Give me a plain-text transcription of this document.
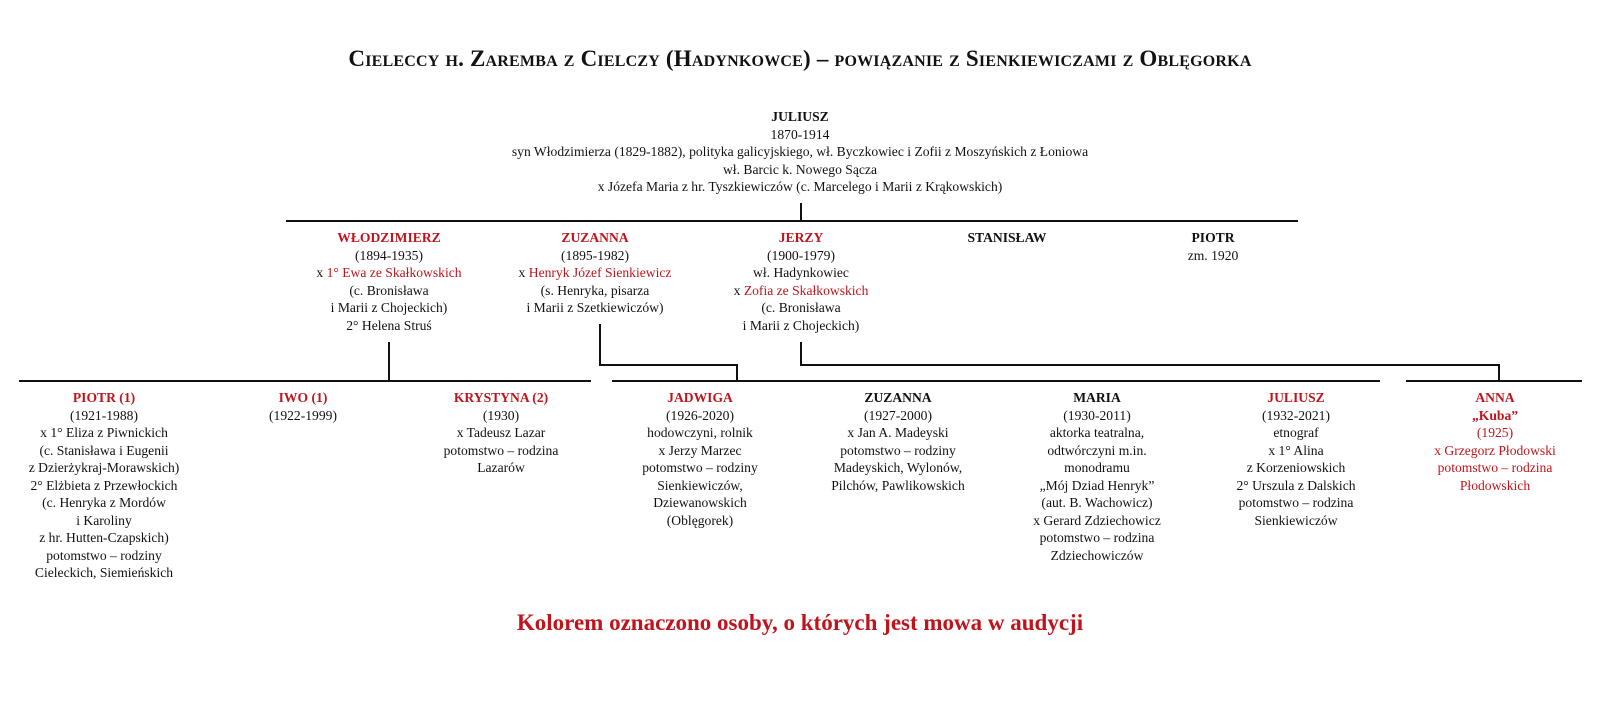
Cieleccy h. Zaremba z Cielczy (Hadynkowce) – powiązanie z Sienkiewiczami z Oblęgorka
JULIUSZ
1870-1914
syn Włodzimierza (1829-1882), polityka galicyjskiego, wł. Byczkowiec i Zofii z Moszyńskich z Łoniowa
wł. Barcic k. Nowego Sącza
x Józefa Maria z hr. Tyszkiewiczów (c. Marcelego i Marii z Krąkowskich)
WŁODZIMIERZ
(1894-1935)
x 1° Ewa ze Skałkowskich
(c. Bronisława
i Marii z Chojeckich)
2° Helena Struś
ZUZANNA
(1895-1982)
x Henryk Józef Sienkiewicz
(s. Henryka, pisarza
i Marii z Szetkiewiczów)
JERZY
(1900-1979)
wł. Hadynkowiec
x Zofia ze Skałkowskich
(c. Bronisława
i Marii z Chojeckich)
STANISŁAW	PIOTR
zm. 1920
PIOTR (1)
(1921-1988)
x 1° Eliza z Piwnickich
(c. Stanisława i Eugenii
z Dzierżykraj-Morawskich)
2° Elżbieta z Przewłockich
(c. Henryka z Mordów
i Karoliny
z hr. Hutten-Czapskich)
potomstwo – rodziny
Cieleckich, Siemieńskich
IWO (1)
(1922-1999)
KRYSTYNA (2)
(1930)
x Tadeusz Lazar
potomstwo – rodzina
Lazarów
JADWIGA
(1926-2020)
hodowczyni, rolnik
x Jerzy Marzec
potomstwo – rodziny
Sienkiewiczów,
Dziewanowskich
(Oblęgorek)
ZUZANNA
(1927-2000)
x Jan A. Madeyski
potomstwo – rodziny
Madeyskich, Wylonów,
Pilchów, Pawlikowskich
MARIA
(1930-2011)
aktorka teatralna,
odtwórczyni m.in.
monodramu
„Mój Dziad Henryk”
(aut. B. Wachowicz)
x Gerard Zdziechowicz
potomstwo – rodzina
Zdziechowiczów
JULIUSZ
(1932-2021)
etnograf
x 1° Alina
z Korzeniowskich
2° Urszula z Dalskich
potomstwo – rodzina
Sienkiewiczów
ANNA
„Kuba”
(1925)
x Grzegorz Płodowski
potomstwo – rodzina
Płodowskich
Kolorem oznaczono osoby, o których jest mowa w audycji
